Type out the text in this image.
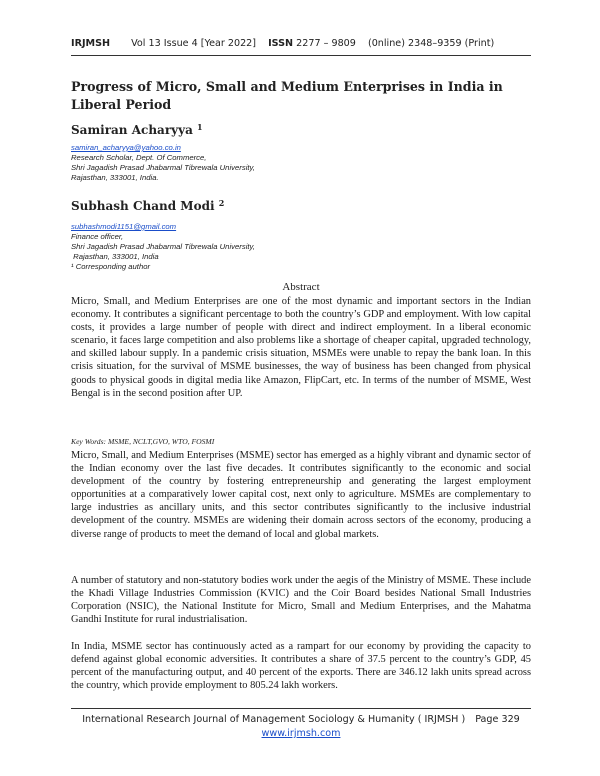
IRJMSH Vol 13 Issue 4 [Year 2022] ISSN 2277 – 9809 (0nline) 2348–9359 (Print)
Progress of Micro, Small and Medium Enterprises in India in Liberal Period
Samiran Acharyya $^1$
samiran_acharyya@yahoo.co.in
Research Scholar, Dept. Of Commerce,
Shri Jagadish Prasad Jhabarmal Tibrewala University,
Rajasthan, 333001, India.
Subhash Chand Modi $^2$
subhashmodi1151@gmail.com
Finance officer,
Shri Jagadish Prasad Jhabarmal Tibrewala University,
Rajasthan, 333001, India
¹ Corresponding author
Abstract
Micro, Small, and Medium Enterprises are one of the most dynamic and important sectors in the Indian economy. It contributes a significant percentage to both the country’s GDP and employment. With low capital costs, it provides a large number of people with direct and indirect employment. In a liberal economic scenario, it faces large competition and also problems like a shortage of cheaper capital, upgraded technology, and skilled labour supply. In a pandemic crisis situation, MSMEs were unable to repay the bank loan. In this crisis situation, for the survival of MSME businesses, the way of business has been changed from physical goods to physical goods in digital media like Amazon, FlipCart, etc. In terms of the number of MSME, West Bengal is in the second position after UP.
Key Words: MSME, NCLT,GVO, WTO, FOSMI
Micro, Small, and Medium Enterprises (MSME) sector has emerged as a highly vibrant and dynamic sector of the Indian economy over the last five decades. It contributes significantly to the economic and social development of the country by fostering entrepreneurship and generating the largest employment opportunities at a comparatively lower capital cost, next only to agriculture. MSMEs are complementary to large industries as ancillary units, and this sector contributes significantly to the inclusive industrial development of the country. MSMEs are widening their domain across sectors of the economy, producing a diverse range of products to meet the demand of local and global markets.
A number of statutory and non-statutory bodies work under the aegis of the Ministry of MSME. These include the Khadi Village Industries Commission (KVIC) and the Coir Board besides National Small Industries Corporation (NSIC), the National Institute for Micro, Small and Medium Enterprises, and the Mahatma Gandhi Institute for rural industrialisation.
In India, MSME sector has continuously acted as a rampart for our economy by providing the capacity to defend against global economic adversities. It contributes a share of 37.5 percent to the country’s GDP, 45 percent of the manufacturing output, and 40 percent of the exports. There are 346.12 lakh units spread across the country, which provide employment to 805.24 lakh workers.
International Research Journal of Management Sociology & Humanity ( IRJMSH ) Page 329
www.irjmsh.com
